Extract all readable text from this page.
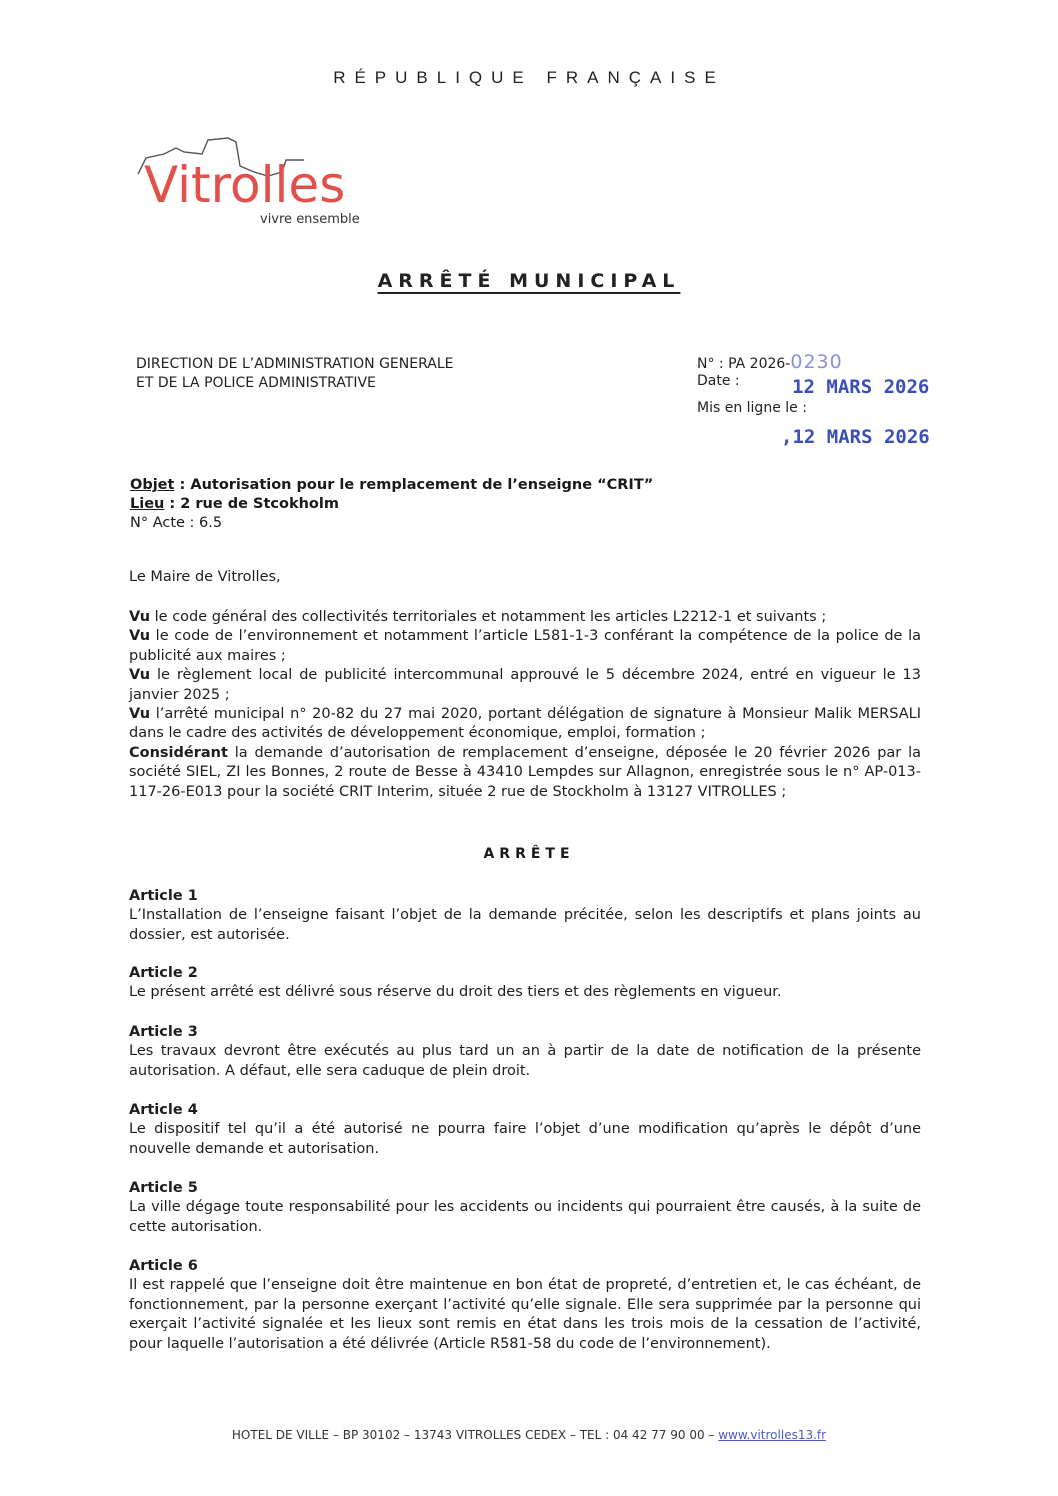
RÉPUBLIQUE FRANÇAISE
Vitrolles
vivre ensemble
ARRÊTÉ MUNICIPAL
DIRECTION DE L’ADMINISTRATION GENERALE
ET DE LA POLICE ADMINISTRATIVE
N° : PA 2026-0230
Date :	12 MARS 2026
Mis en ligne le :
,12 MARS 2026
Objet : Autorisation pour le remplacement de l’enseigne “CRIT”
Lieu : 2 rue de Stcokholm
N° Acte : 6.5
Le Maire de Vitrolles,
Vu le code général des collectivités territoriales et notamment les articles L2212-1 et suivants ;
Vu le code de l’environnement et notamment l’article L581-1-3 conférant la compétence de la police de la publicité aux maires ;
Vu le règlement local de publicité intercommunal approuvé le 5 décembre 2024, entré en vigueur le 13 janvier 2025 ;
Vu l’arrêté municipal n° 20-82 du 27 mai 2020, portant délégation de signature à Monsieur Malik MERSALI dans le cadre des activités de développement économique, emploi, formation ;
Considérant la demande d’autorisation de remplacement d’enseigne, déposée le 20 février 2026 par la société SIEL, ZI les Bonnes, 2 route de Besse à 43410 Lempdes sur Allagnon, enregistrée sous le n° AP-013-117-26-E013 pour la société CRIT Interim, située 2 rue de Stockholm à 13127 VITROLLES ;
ARRÊTE
Article 1
L’Installation de l’enseigne faisant l’objet de la demande précitée, selon les descriptifs et plans joints au dossier, est autorisée.
Article 2
Le présent arrêté est délivré sous réserve du droit des tiers et des règlements en vigueur.
Article 3
Les travaux devront être exécutés au plus tard un an à partir de la date de notification de la présente autorisation. A défaut, elle sera caduque de plein droit.
Article 4
Le dispositif tel qu’il a été autorisé ne pourra faire l’objet d’une modification qu’après le dépôt d’une nouvelle demande et autorisation.
Article 5
La ville dégage toute responsabilité pour les accidents ou incidents qui pourraient être causés, à la suite de cette autorisation.
Article 6
Il est rappelé que l’enseigne doit être maintenue en bon état de propreté, d’entretien et, le cas échéant, de fonctionnement, par la personne exerçant l’activité qu’elle signale. Elle sera supprimée par la personne qui exerçait l’activité signalée et les lieux sont remis en état dans les trois mois de la cessation de l’activité, pour laquelle l’autorisation a été délivrée (Article R581-58 du code de l’environnement).
HOTEL DE VILLE – BP 30102 – 13743 VITROLLES CEDEX – TEL : 04 42 77 90 00 – www.vitrolles13.fr
